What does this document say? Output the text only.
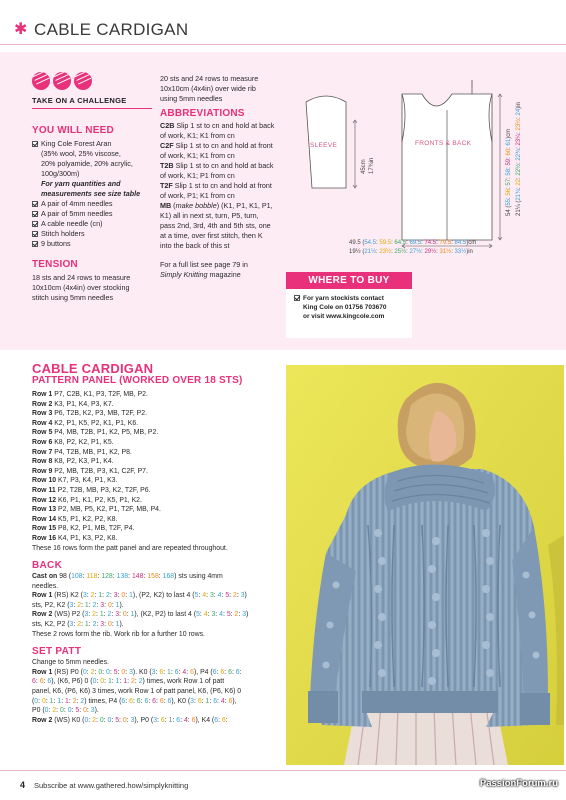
✱ CABLE CARDIGAN
TAKE ON A CHALLENGE
YOU WILL NEED
King Cole Forest Aran
(35% wool, 25% viscose,
20% polyamide, 20% acrylic,
100g/300m)
For yarn quantities and
measurements see size table
A pair of 4mm needles
A pair of 5mm needles
A cable needle (cn)
Stitch holders
9 buttons
TENSION
18 sts and 24 rows to measure
10x10cm (4x4in) over stocking
stitch using 5mm needles
20 sts and 24 rows to measure
10x10cm (4x4in) over wide rib
using 5mm needles
ABBREVIATIONS
C2B Slip 1 st to cn and hold at back
of work, K1; K1 from cn
C2F Slip 1 st to cn and hold at front
of work, K1; K1 from cn
T2B Slip 1 st to cn and hold at back
of work, K1; P1 from cn
T2F Slip 1 st to cn and hold at front
of work, P1; K1 from cn
MB (make bobble) (K1, P1, K1, P1,
K1) all in next st, turn, P5, turn,
pass 2nd, 3rd, 4th and 5th sts, one
at a time, over first stitch, then K
into the back of this st
For a full list see page 79 in
Simply Knitting magazine
SLEEVE	FRONTS & BACK
45cm 17¾in
49.5 (54.5: 59.5: 64.5: 69.5: 74.5: 79.5: 84.5)cm
19½ (21½: 23½: 25½: 27½: 29½: 31½: 33½)in
54 (55: 56: 57: 58: 59: 60: 61)cm
21¼ (21¾: 22: 22½: 22¾: 23¼: 23½: 24)in
WHERE TO BUY
For yarn stockists contact
King Cole on 01756 703670
or visit www.kingcole.com
CABLE CARDIGAN
PATTERN PANEL (WORKED OVER 18 STS)
Row 1 P7, C2B, K1, P3, T2F, MB, P2.
Row 2 K3, P1, K4, P3, K7.
Row 3 P6, T2B, K2, P3, MB, T2F, P2.
Row 4 K2, P1, K5, P2, K1, P1, K6.
Row 5 P4, MB, T2B, P1, K2, P5, MB, P2.
Row 6 K8, P2, K2, P1, K5.
Row 7 P4, T2B, MB, P1, K2, P8.
Row 8 K8, P2, K3, P1, K4.
Row 9 P2, MB, T2B, P3, K1, C2F, P7.
Row 10 K7, P3, K4, P1, K3.
Row 11 P2, T2B, MB, P3, K2, T2F, P6.
Row 12 K6, P1, K1, P2, K5, P1, K2.
Row 13 P2, MB, P5, K2, P1, T2F, MB, P4.
Row 14 K5, P1, K2, P2, K8.
Row 15 P8, K2, P1, MB, T2F, P4.
Row 16 K4, P1, K3, P2, K8.
These 16 rows form the patt panel and are repeated throughout.
BACK
Cast on 98 (108: 118: 128: 138: 148: 158: 168) sts using 4mm
needles.
Row 1 (RS) K2 (3: 2: 1: 2: 3: 0: 1), (P2, K2) to last 4 (5: 4: 3: 4: 5: 2: 3)
sts, P2, K2 (3: 2: 1: 2: 3: 0: 1).
Row 2 (WS) P2 (3: 2: 1: 2: 3: 0: 1), (K2, P2) to last 4 (5: 4: 3: 4: 5: 2: 3)
sts, K2, P2 (3: 2: 1: 2: 3: 0: 1).
These 2 rows form the rib. Work rib for a further 10 rows.
SET PATT
Change to 5mm needles.
Row 1 (RS) P0 (0: 2: 0: 0: 5: 0: 3). K0 (3: 6: 1: 6: 4: 6), P4 (6: 6: 6: 6:
6: 6: 6), (K6, P6) 0 (0: 0: 1: 1: 1: 2: 2) times, work Row 1 of patt
panel, K6, (P6, K6) 3 times, work Row 1 of patt panel, K6, (P6, K6) 0
(0: 0: 1: 1: 1: 2: 2) times, P4 (6: 6: 6: 6: 6: 6: 6), K0 (3: 6: 1: 6: 4: 6),
P0 (0: 2: 0: 0: 5: 0: 3).
Row 2 (WS) K0 (0: 2: 0: 0: 5: 0: 3), P0 (3: 6: 1: 6: 4: 6), K4 (6: 6:
4 Subscribe at www.gathered.how/simplyknitting	PassionForum.ru
